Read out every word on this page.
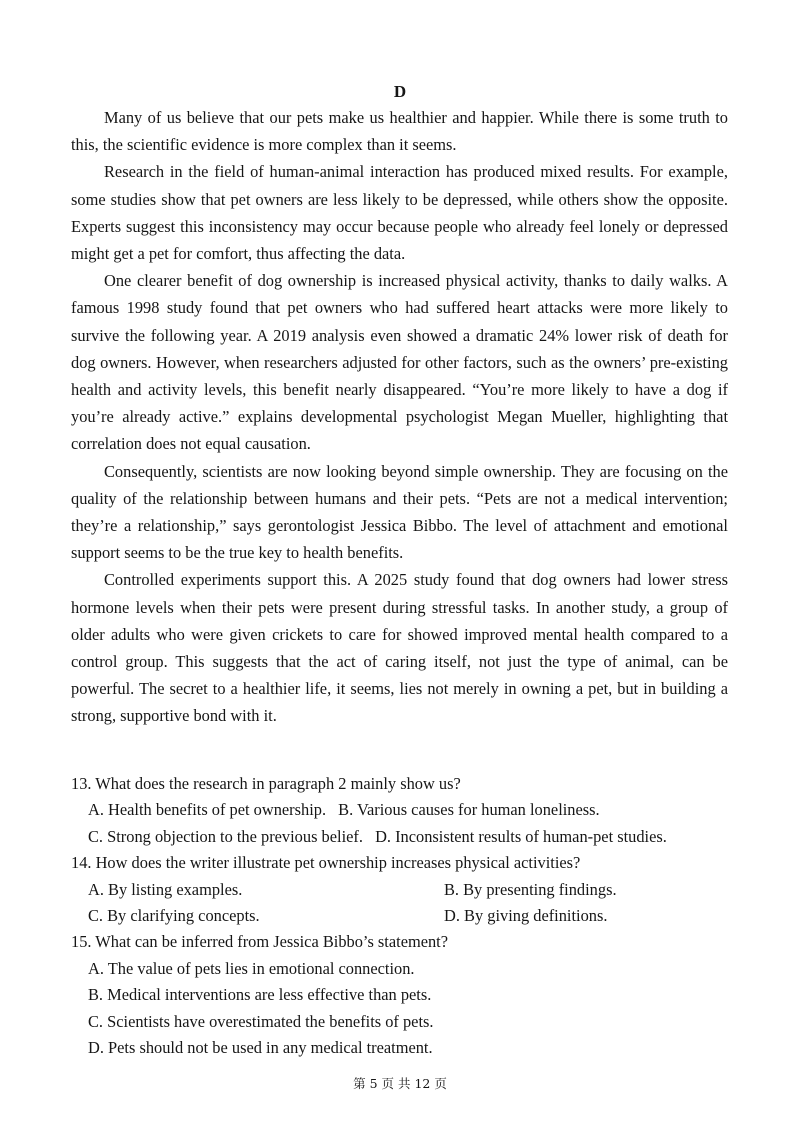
D

Many of us believe that our pets make us healthier and happier. While there is some truth to this, the scientific evidence is more complex than it seems.

Research in the field of human-animal interaction has produced mixed results. For example, some studies show that pet owners are less likely to be depressed, while others show the opposite. Experts suggest this inconsistency may occur because people who already feel lonely or depressed might get a pet for comfort, thus affecting the data.

One clearer benefit of dog ownership is increased physical activity, thanks to daily walks. A famous 1998 study found that pet owners who had suffered heart attacks were more likely to survive the following year. A 2019 analysis even showed a dramatic 24% lower risk of death for dog owners. However, when researchers adjusted for other factors, such as the owners’ pre-existing health and activity levels, this benefit nearly disappeared. “You’re more likely to have a dog if you’re already active.” explains developmental psychologist Megan Mueller, highlighting that correlation does not equal causation.

Consequently, scientists are now looking beyond simple ownership. They are focusing on the quality of the relationship between humans and their pets. “Pets are not a medical intervention; they’re a relationship,” says gerontologist Jessica Bibbo. The level of attachment and emotional support seems to be the true key to health benefits.

Controlled experiments support this. A 2025 study found that dog owners had lower stress hormone levels when their pets were present during stressful tasks. In another study, a group of older adults who were given crickets to care for showed improved mental health compared to a control group. This suggests that the act of caring itself, not just the type of animal, can be powerful. The secret to a healthier life, it seems, lies not merely in owning a pet, but in building a strong, supportive bond with it.

13. What does the research in paragraph 2 mainly show us?
A. Health benefits of pet ownership. B. Various causes for human loneliness.
C. Strong objection to the previous belief. D. Inconsistent results of human-pet studies.
14. How does the writer illustrate pet ownership increases physical activities?
A. By listing examples.	B. By presenting findings.
C. By clarifying concepts.	D. By giving definitions.
15. What can be inferred from Jessica Bibbo’s statement?
A. The value of pets lies in emotional connection.
B. Medical interventions are less effective than pets.
C. Scientists have overestimated the benefits of pets.
D. Pets should not be used in any medical treatment.
第 5 页 共 12 页
